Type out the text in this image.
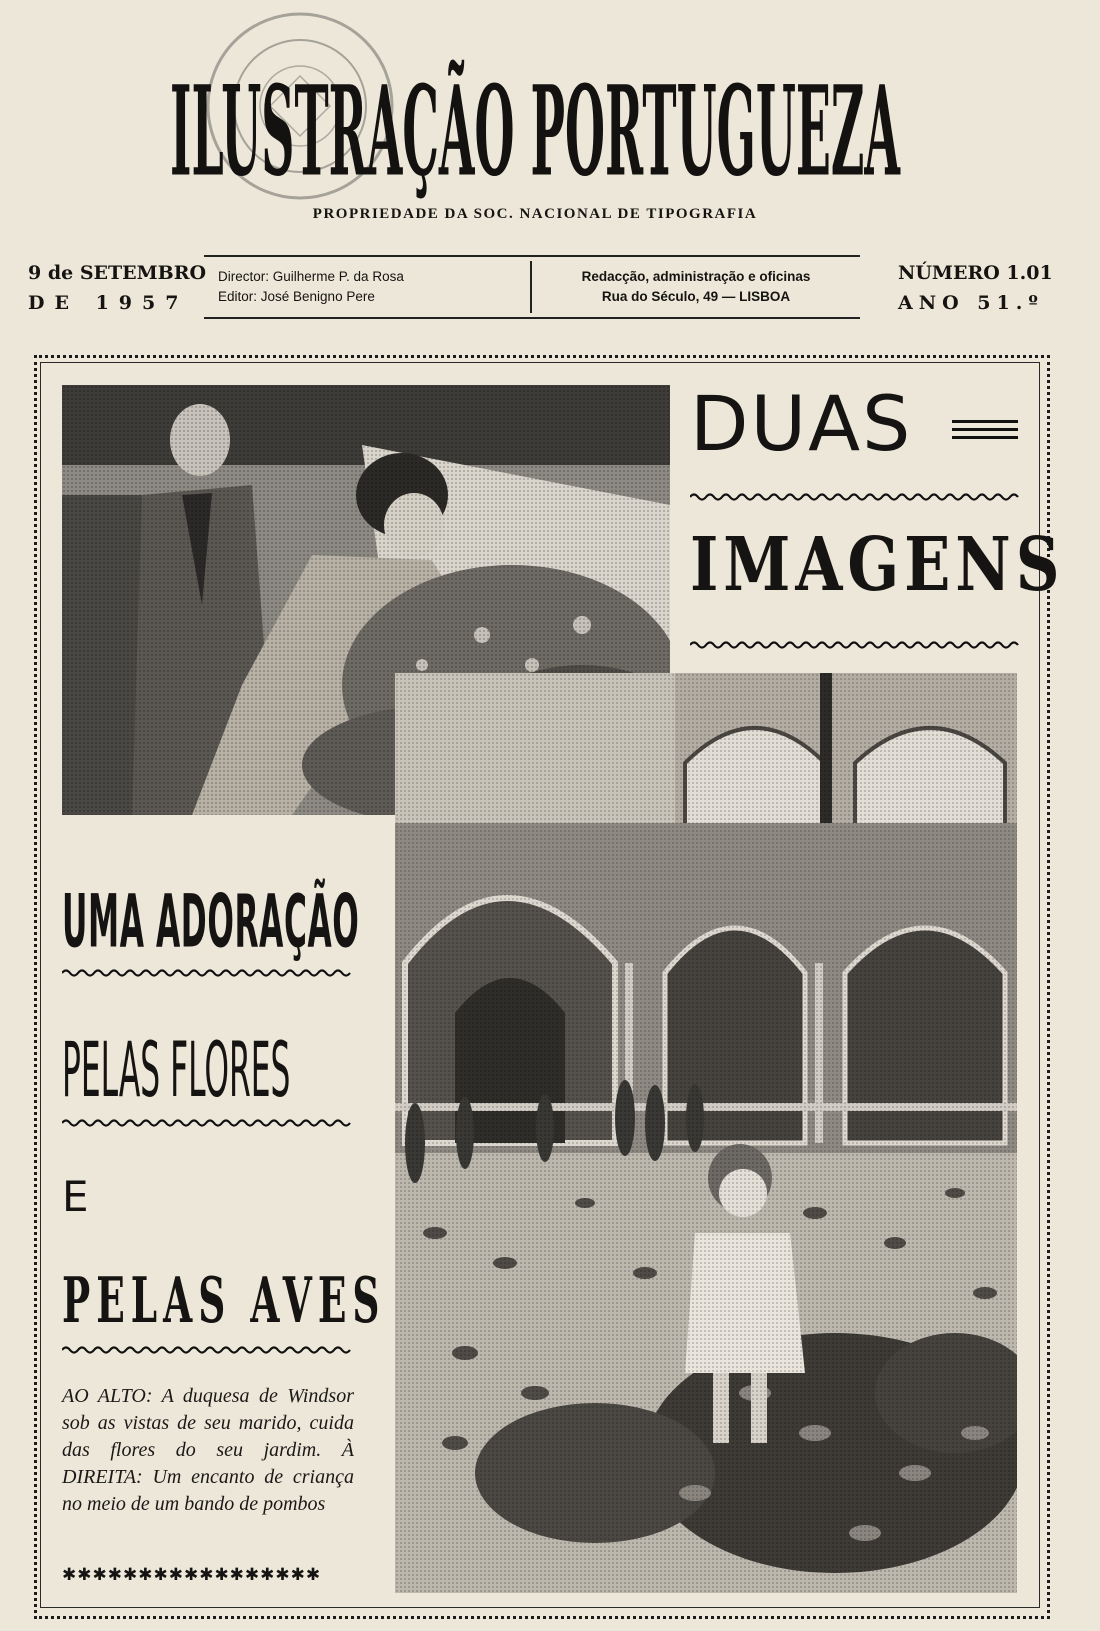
ILUSTRAÇÃO PORTUGUEZA
PROPRIEDADE DA SOC. NACIONAL DE TIPOGRAFIA
9 de SETEMBRO
DE 1957
Director: Guilherme P. da Rosa
Editor: José Benigno Pere
Redacção, administração e oficinas
Rua do Século, 49 — LISBOA
NÚMERO 1.01
ANO 51.º
DUAS
IMAGENS
UMA ADORAÇÃO
PELAS FLORES
E
PELAS AVES
AO ALTO: A duquesa de Windsor sob as vistas de seu marido, cuida das flores do seu jardim. À DIREITA: Um encanto de criança no meio de um bando de pombos
✱✱✱✱✱✱✱✱✱✱✱✱✱✱✱✱✱
